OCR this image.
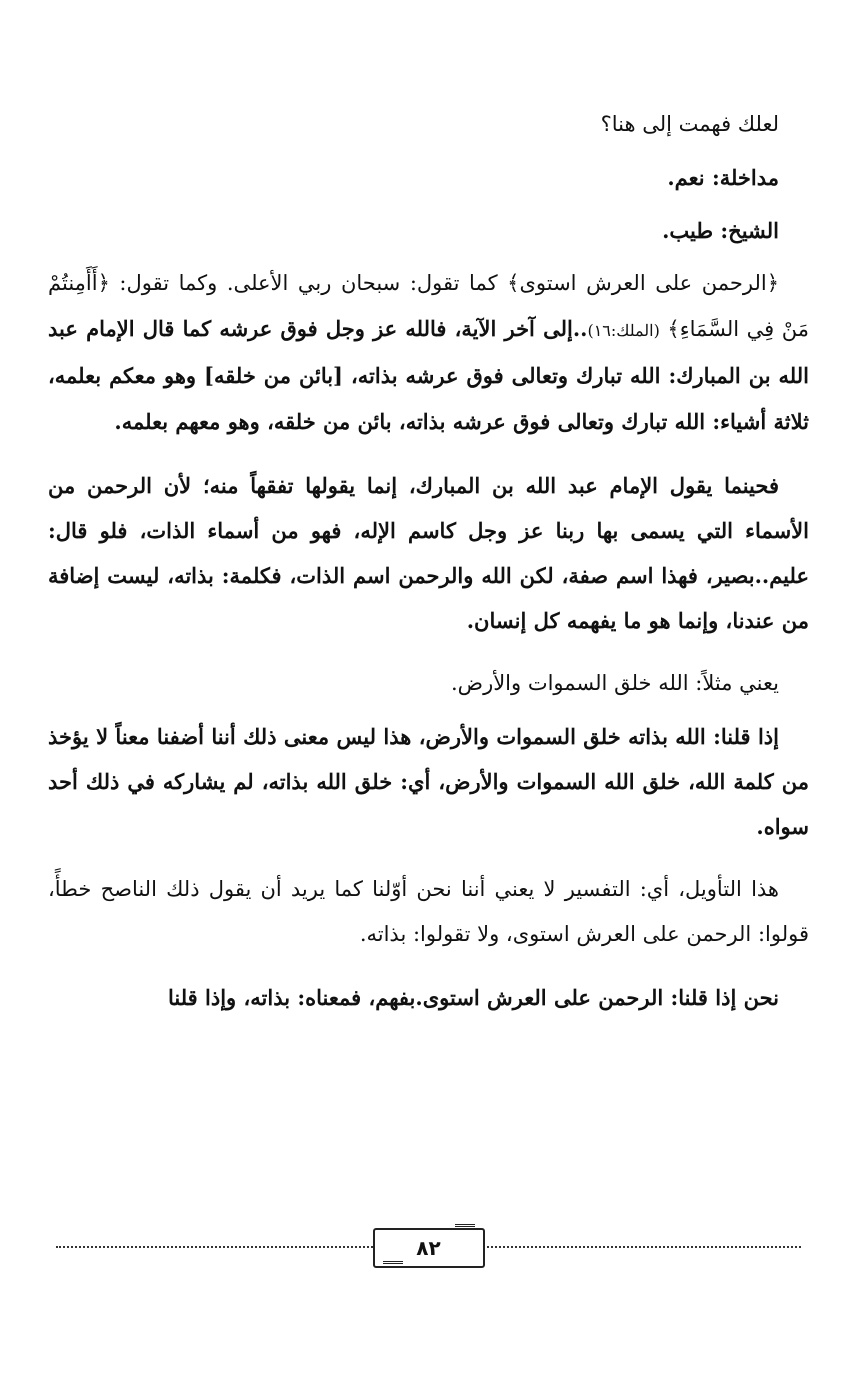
لعلك فهمت إلى هنا؟

مداخلة: نعم.

الشيخ: طيب.

﴿الرحمن على العرش استوى﴾ كما تقول: سبحان ربي الأعلى. وكما تقول: ﴿أَأَمِنتُمْ مَنْ فِي السَّمَاءِ﴾ (الملك:١٦)..إلى آخر الآية، فالله عز وجل فوق عرشه كما قال الإمام عبد الله بن المبارك: الله تبارك وتعالى فوق عرشه بذاته، [بائن من خلقه] وهو معكم بعلمه، ثلاثة أشياء: الله تبارك وتعالى فوق عرشه بذاته، بائن من خلقه، وهو معهم بعلمه.

فحينما يقول الإمام عبد الله بن المبارك، إنما يقولها تفقهاً منه؛ لأن الرحمن من الأسماء التي يسمى بها ربنا عز وجل كاسم الإله، فهو من أسماء الذات، فلو قال: عليم..بصير، فهذا اسم صفة، لكن الله والرحمن اسم الذات، فكلمة: بذاته، ليست إضافة من عندنا، وإنما هو ما يفهمه كل إنسان.

يعني مثلاً: الله خلق السموات والأرض.

إذا قلنا: الله بذاته خلق السموات والأرض، هذا ليس معنى ذلك أننا أضفنا معناً لا يؤخذ من كلمة الله، خلق الله السموات والأرض، أي: خلق الله بذاته، لم يشاركه في ذلك أحد سواه.

هذا التأويل، أي: التفسير لا يعني أننا نحن أوّلنا كما يريد أن يقول ذلك الناصح خطأً، قولوا: الرحمن على العرش استوى، ولا تقولوا: بذاته.

نحن إذا قلنا: الرحمن على العرش استوى.بفهم، فمعناه: بذاته، وإذا قلنا

٨٢
